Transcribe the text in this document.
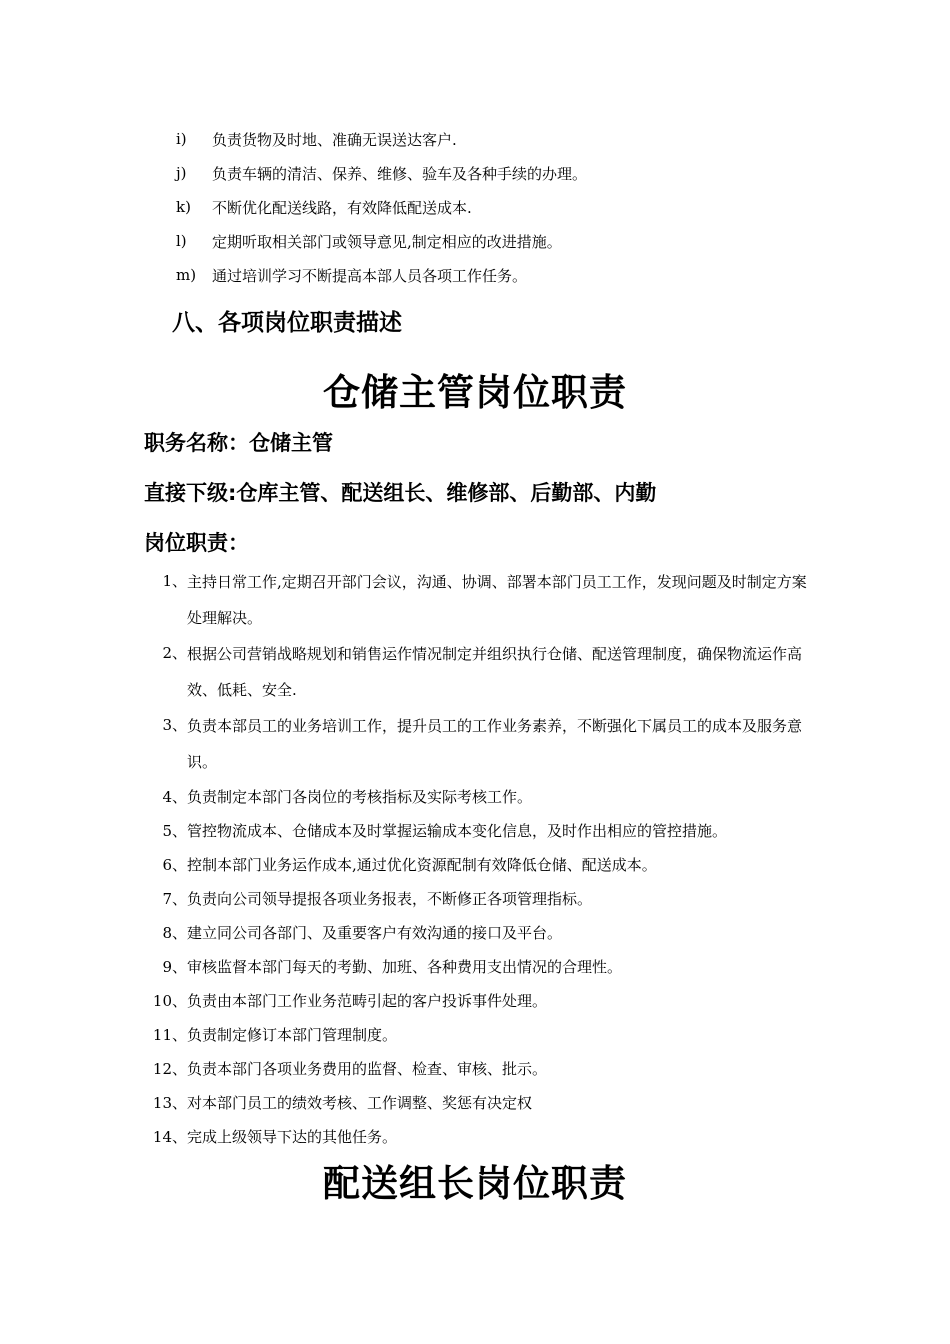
i)	负责货物及时地、准确无误送达客户.
j)	负责车辆的清洁、保养、维修、验车及各种手续的办理。
k)	不断优化配送线路，有效降低配送成本.
l)	定期听取相关部门或领导意见,制定相应的改进措施。
m)	通过培训学习不断提高本部人员各项工作任务。
八、各项岗位职责描述
仓储主管岗位职责
职务名称：仓储主管
直接下级:仓库主管、配送组长、维修部、后勤部、内勤
岗位职责：
1、 主持日常工作,定期召开部门会议，沟通、协调、部署本部门员工工作，发现问题及时制定方案处理解决。
2、 根据公司营销战略规划和销售运作情况制定并组织执行仓储、配送管理制度，确保物流运作高效、低耗、安全.
3、 负责本部员工的业务培训工作，提升员工的工作业务素养，不断强化下属员工的成本及服务意识。
4、 负责制定本部门各岗位的考核指标及实际考核工作。
5、 管控物流成本、仓储成本及时掌握运输成本变化信息，及时作出相应的管控措施。
6、 控制本部门业务运作成本,通过优化资源配制有效降低仓储、配送成本。
7、 负责向公司领导提报各项业务报表，不断修正各项管理指标。
8、 建立同公司各部门、及重要客户有效沟通的接口及平台。
9、 审核监督本部门每天的考勤、加班、各种费用支出情况的合理性。
10、 负责由本部门工作业务范畴引起的客户投诉事件处理。
11、 负责制定修订本部门管理制度。
12、 负责本部门各项业务费用的监督、检查、审核、批示。
13、 对本部门员工的绩效考核、工作调整、奖惩有决定权
14、 完成上级领导下达的其他任务。
配送组长岗位职责
